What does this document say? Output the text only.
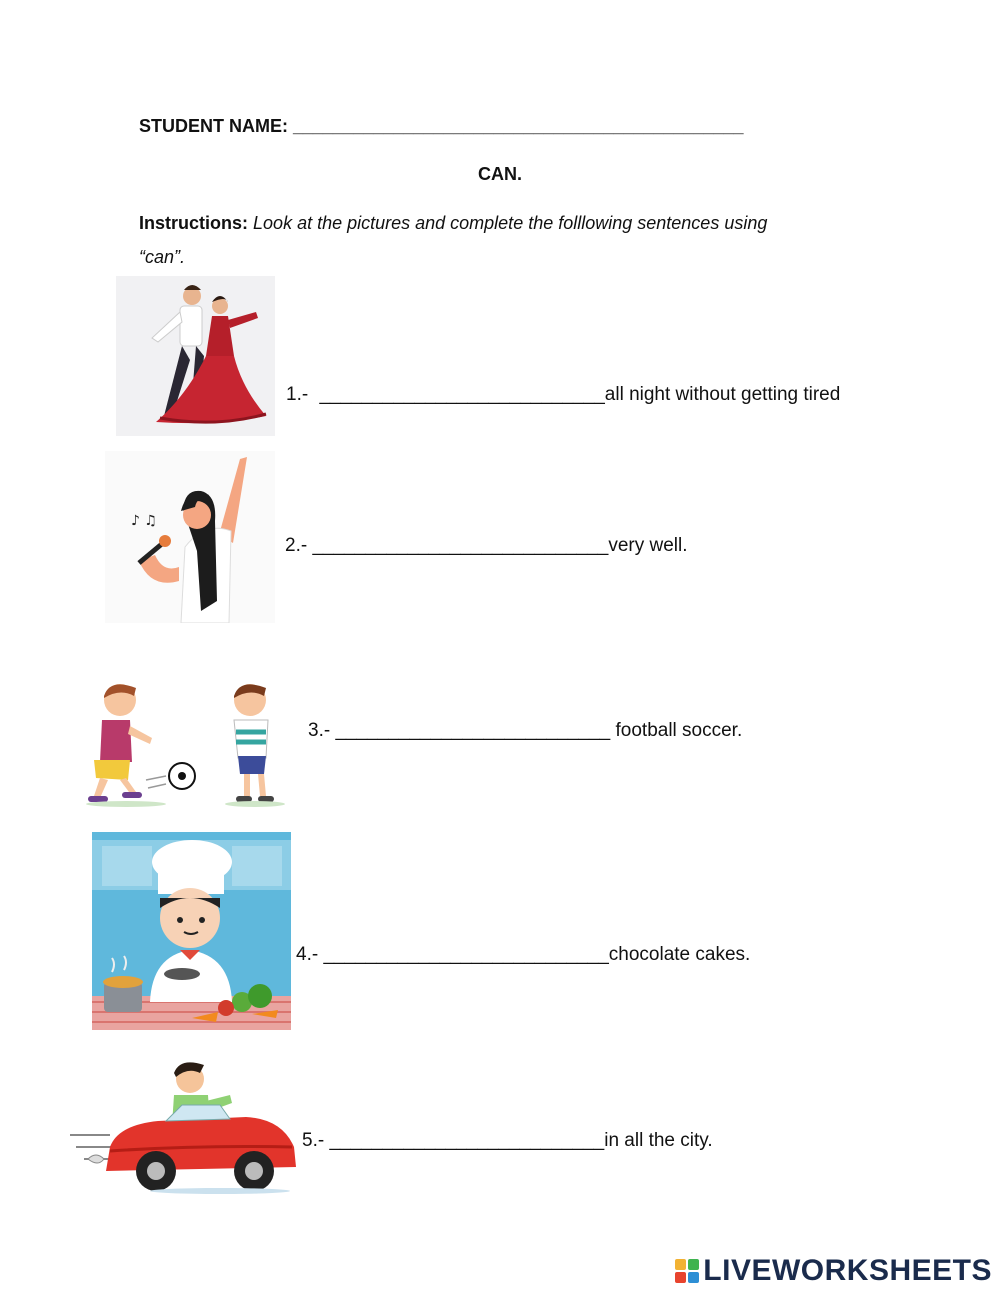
STUDENT NAME: _____________________________________________
CAN.
Instructions: Look at the pictures and complete the folllowing sentences using
“can”.
1.- ___________________________all night without getting tired
♪ ♫
2.- ____________________________very well.
3.- __________________________ football soccer.
4.- ___________________________chocolate cakes.
5.- __________________________in all the city.
LIVEWORKSHEETS
